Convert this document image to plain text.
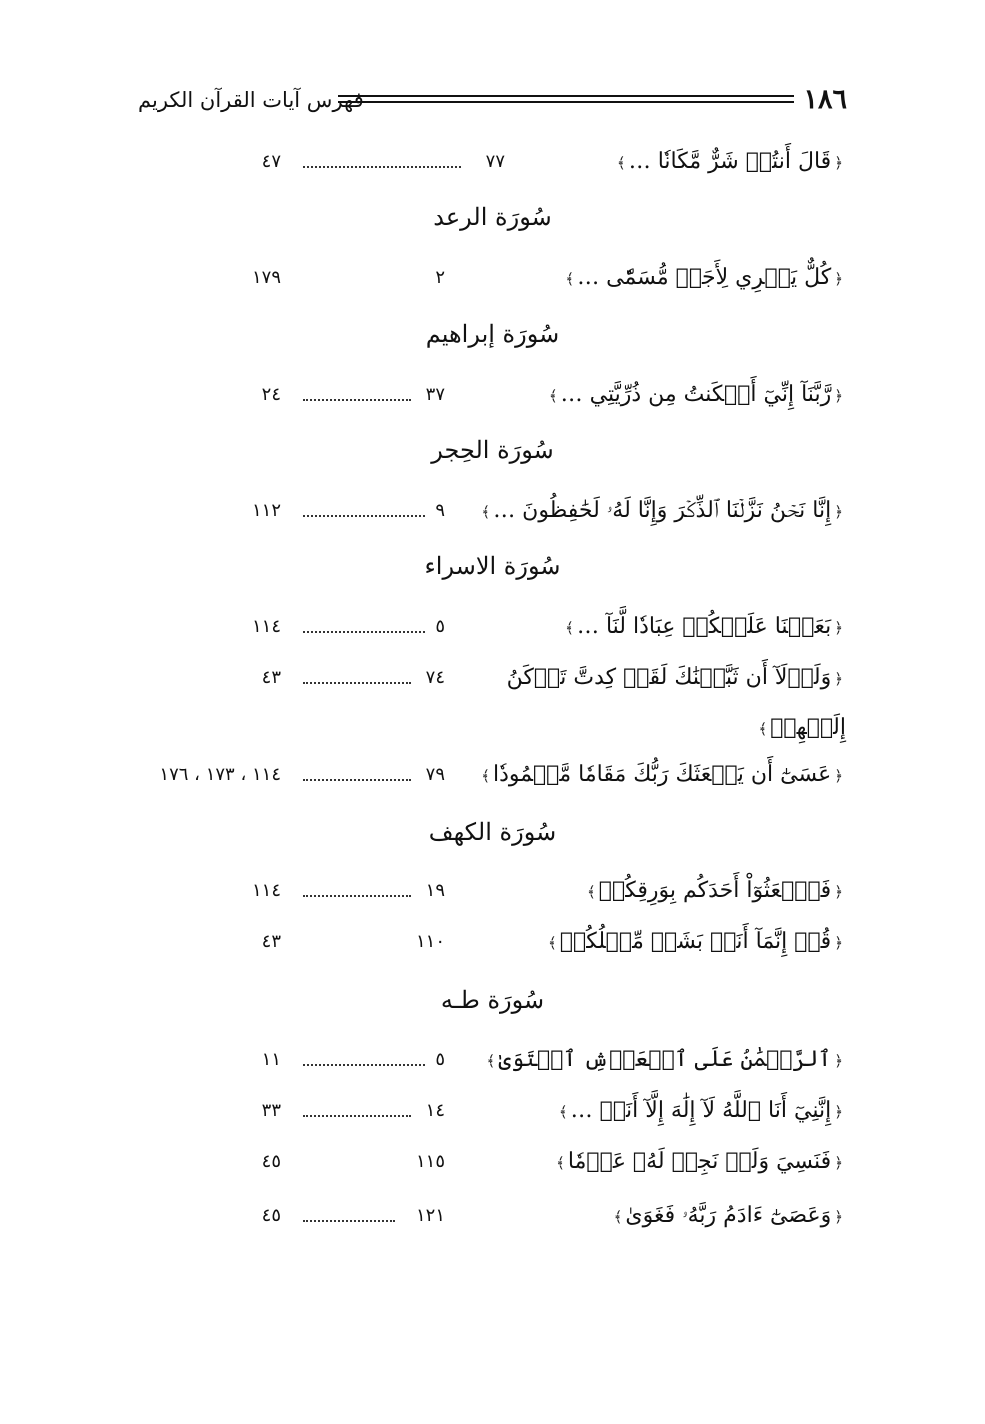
١٨٦
فهرس آيات القرآن الكريم
﴿قَالَ أَنتُمۡ شَرٌّ مَّكَانٗا …﴾
٧٧
٤٧
سُورَة الرعد
﴿كُلٌّ يَجۡرِي لِأَجَلٖ مُّسَمّٗى …﴾
٢
١٧٩
سُورَة إبراهيم
﴿رَّبَّنَآ إِنِّيٓ أَسۡكَنتُ مِن ذُرِّيَّتِي …﴾
٣٧
٢٤
سُورَة الحِجر
﴿إِنَّا نَحۡنُ نَزَّلۡنَا ٱلذِّكۡرَ وَإِنَّا لَهُۥ لَحَٰفِظُونَ …﴾
٩
١١٢
سُورَة الاسراء
﴿بَعَثۡنَا عَلَيۡكُمۡ عِبَادٗا لَّنَآ …﴾
٥
١١٤
﴿وَلَوۡلَآ أَن ثَبَّتۡنَٰكَ لَقَدۡ كِدتَّ تَرۡكَنُ
٧٤
٤٣
إِلَيۡهِمۡ﴾
﴿عَسَىٰٓ أَن يَبۡعَثَكَ رَبُّكَ مَقَامٗا مَّحۡمُودٗا﴾
٧٩
١١٤ ، ١٧٣ ، ١٧٦
سُورَة الكهف
﴿فَٱبۡعَثُوٓاْ أَحَدَكُم بِوَرِقِكُمۡ﴾
١٩
١١٤
﴿قُلۡ إِنَّمَآ أَنَا۠ بَشَرٞ مِّثۡلُكُمۡ﴾
١١٠
٤٣
سُورَة طـه
﴿ٱلرَّحۡمَٰنُ عَلَى ٱلۡعَرۡشِ ٱسۡتَوَىٰ﴾
٥
١١
﴿إِنَّنِيٓ أَنَا ٱللَّهُ لَآ إِلَٰهَ إِلَّآ أَنَا۠ …﴾
١٤
٣٣
﴿فَنَسِيَ وَلَمۡ نَجِدۡ لَهُۥ عَزۡمٗا﴾
١١٥
٤٥
﴿وَعَصَىٰٓ ءَادَمُ رَبَّهُۥ فَغَوَىٰ﴾
١٢١
٤٥
